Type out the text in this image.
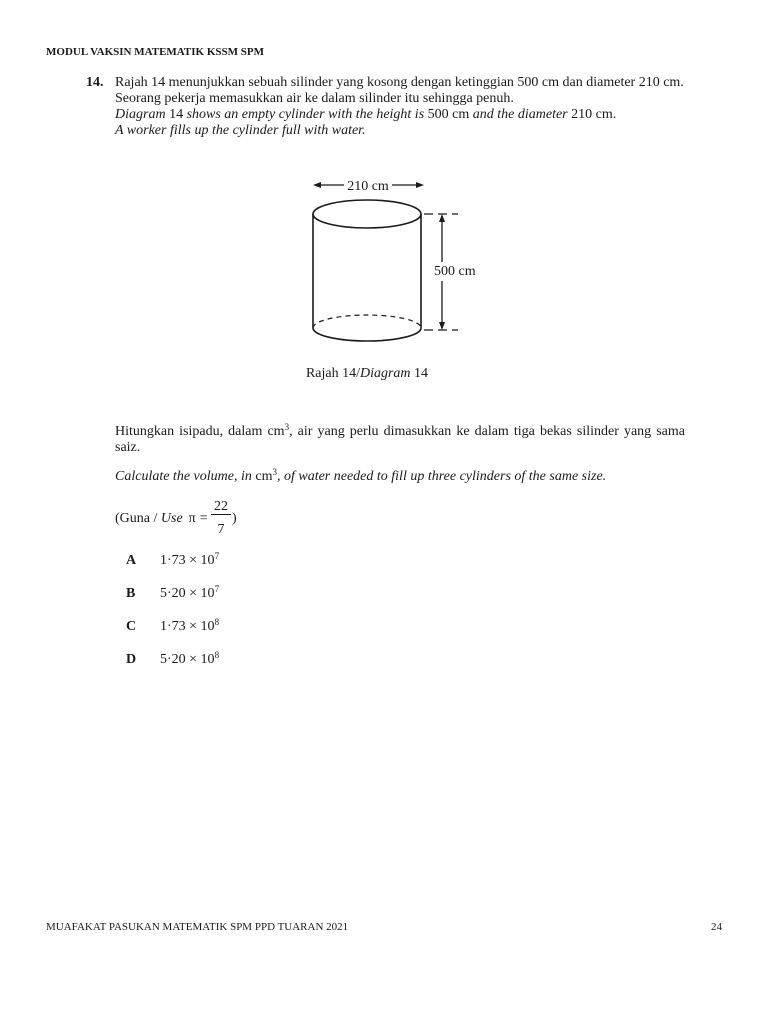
MODUL VAKSIN MATEMATIK KSSM SPM
14. Rajah 14 menunjukkan sebuah silinder yang kosong dengan ketinggian 500 cm dan diameter 210 cm.
Seorang pekerja memasukkan air ke dalam silinder itu sehingga penuh.
Diagram 14 shows an empty cylinder with the height is 500 cm and the diameter 210 cm.
A worker fills up the cylinder full with water.
210 cm
500 cm
Rajah 14/Diagram 14
Hitungkan isipadu, dalam $cm^3$, air yang perlu dimasukkan ke dalam tiga bekas silinder yang sama saiz.
Calculate the volume, in $cm^3$, of water needed to fill up three cylinders of the same size.
(Guna / Use π =
22
7
)
A $1\cdot 73 \times 10^7$
B $5\cdot 20 \times 10^7$
C $1\cdot 73 \times 10^8$
D $5\cdot 20 \times 10^8$
MUAFAKAT PASUKAN MATEMATIK SPM PPD TUARAN 2021	24
